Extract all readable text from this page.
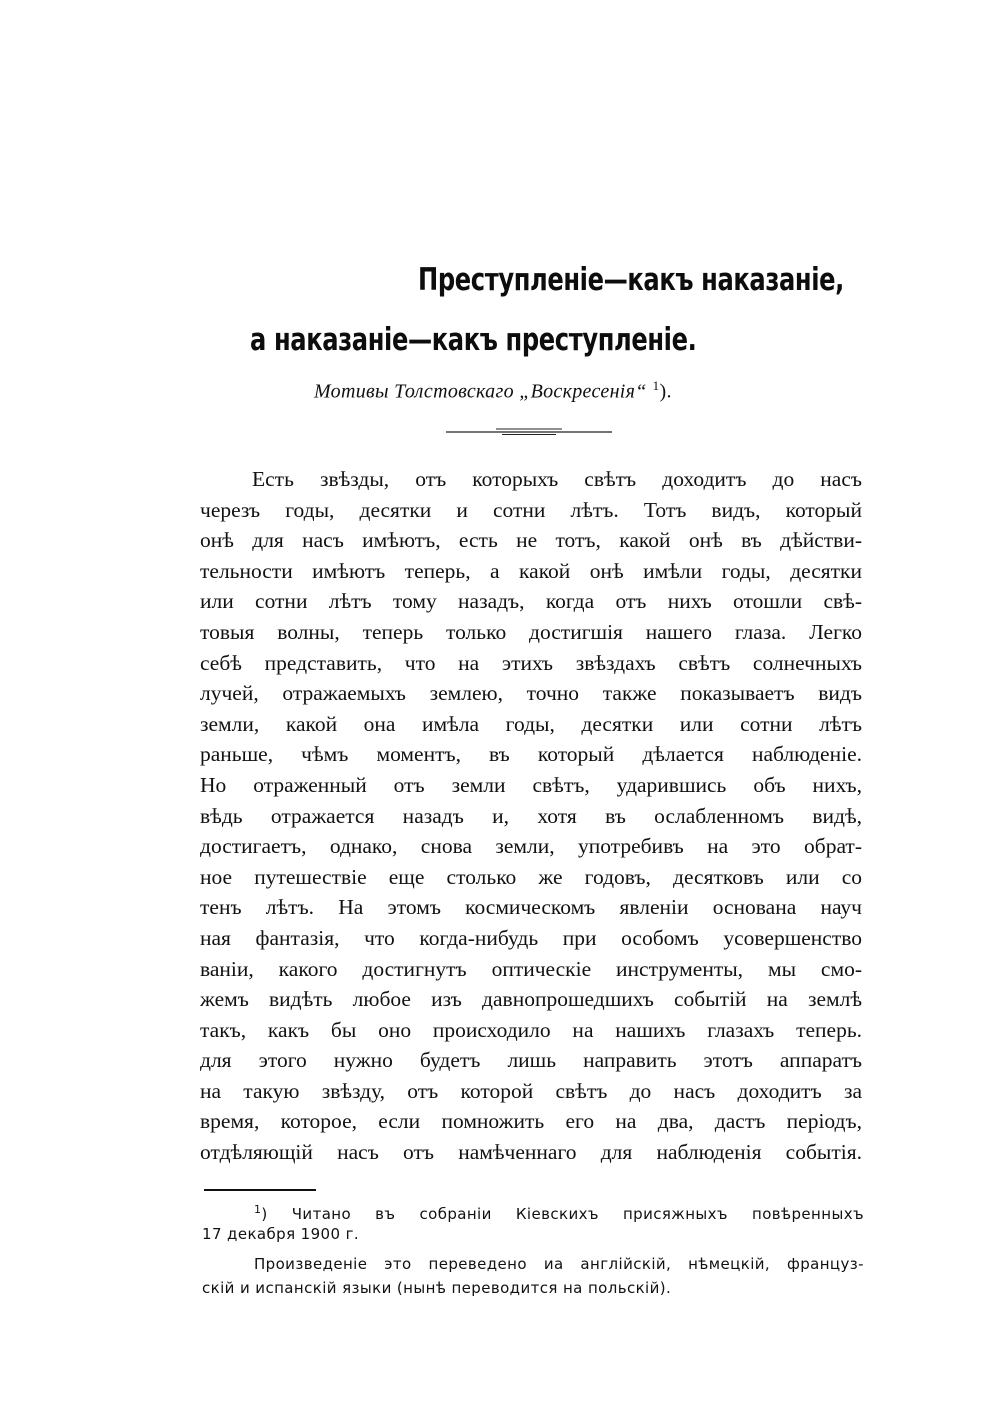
Преступленіе—какъ наказаніе,
а наказаніе—какъ преступленіе.
Мотивы Толстовскаго „Воскресенія“ $^1$).
Есть звѣзды, отъ которыхъ свѣтъ доходитъ до насъ
черезъ годы, десятки и сотни лѣтъ. Тотъ видъ, который
онѣ для насъ имѣютъ, есть не тотъ, какой онѣ въ дѣйстви-
тельности имѣютъ теперь, а какой онѣ имѣли годы, десятки
или сотни лѣтъ тому назадъ, когда отъ нихъ отошли свѣ-
товыя волны, теперь только достигшія нашего глаза. Легко
себѣ представить, что на этихъ звѣздахъ свѣтъ солнечныхъ
лучей, отражаемыхъ землею, точно также показываетъ видъ
земли, какой она имѣла годы, десятки или сотни лѣтъ
раньше, чѣмъ моментъ, въ который дѣлается наблюденіе.
Но отраженный отъ земли свѣтъ, ударившись объ нихъ,
вѣдь отражается назадъ и, хотя въ ослабленномъ видѣ,
достигаетъ, однако, снова земли, употребивъ на это обрат-
ное путешествіе еще столько же годовъ, десятковъ или со
тенъ лѣтъ. На этомъ космическомъ явленіи основана науч
ная фантазія, что когда-нибудь при особомъ усовершенство
ваніи, какого достигнутъ оптическіе инструменты, мы смо-
жемъ видѣть любое изъ давнопрошедшихъ событій на землѣ
такъ, какъ бы оно происходило на нашихъ глазахъ теперь.
для этого нужно будетъ лишь направить этотъ аппаратъ
на такую звѣзду, отъ которой свѣтъ до насъ доходитъ за
время, которое, если помножить его на два, дастъ періодъ,
отдѣляющій насъ отъ намѣченнаго для наблюденія событія.
$^1$) Читано въ собраніи Кіевскихъ присяжныхъ повѣренныхъ
17 декабря 1900 г.
Произведеніе это переведено иа англійскій, нѣмецкій, француз-
скій и испанскій языки (нынѣ переводится на польскій).
